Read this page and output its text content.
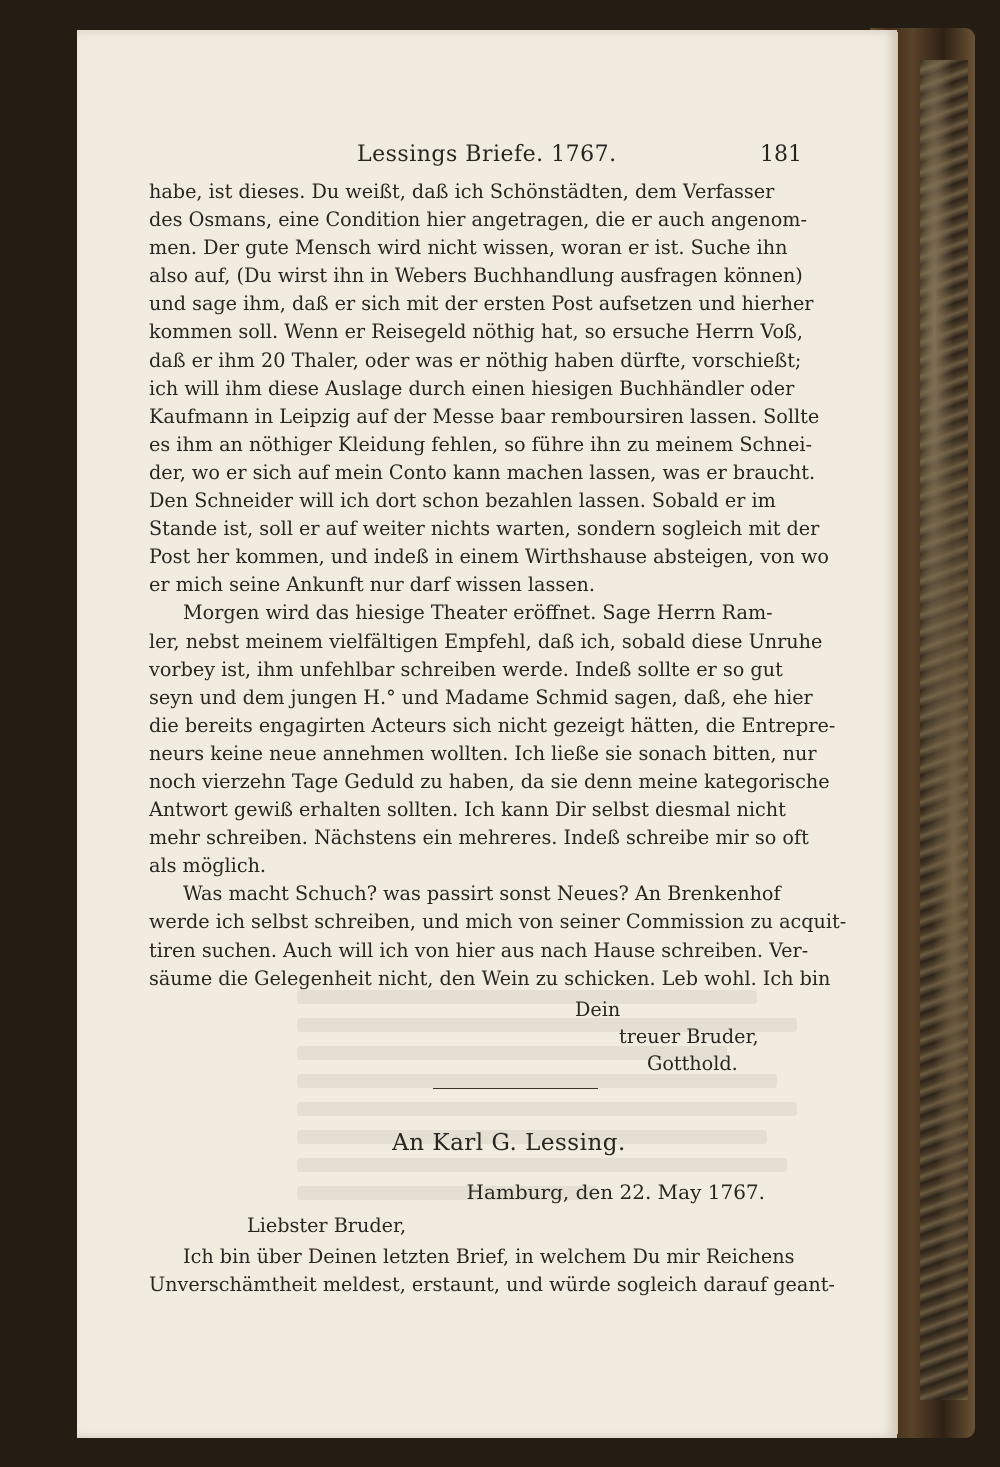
Lessings Briefe. 1767.	181
habe, ist dieses. Du weißt, daß ich Schönstädten, dem Verfasser
des Osmans, eine Condition hier angetragen, die er auch angenom-
men. Der gute Mensch wird nicht wissen, woran er ist. Suche ihn
also auf, (Du wirst ihn in Webers Buchhandlung ausfragen können)
und sage ihm, daß er sich mit der ersten Post aufsetzen und hierher
kommen soll. Wenn er Reisegeld nöthig hat, so ersuche Herrn Voß,
daß er ihm 20 Thaler, oder was er nöthig haben dürfte, vorschießt;
ich will ihm diese Auslage durch einen hiesigen Buchhändler oder
Kaufmann in Leipzig auf der Messe baar remboursiren lassen. Sollte
es ihm an nöthiger Kleidung fehlen, so führe ihn zu meinem Schnei-
der, wo er sich auf mein Conto kann machen lassen, was er braucht.
Den Schneider will ich dort schon bezahlen lassen. Sobald er im
Stande ist, soll er auf weiter nichts warten, sondern sogleich mit der
Post her kommen, und indeß in einem Wirthshause absteigen, von wo
er mich seine Ankunft nur darf wissen lassen.
Morgen wird das hiesige Theater eröffnet. Sage Herrn Ram-
ler, nebst meinem vielfältigen Empfehl, daß ich, sobald diese Unruhe
vorbey ist, ihm unfehlbar schreiben werde. Indeß sollte er so gut
seyn und dem jungen H.° und Madame Schmid sagen, daß, ehe hier
die bereits engagirten Acteurs sich nicht gezeigt hätten, die Entrepre-
neurs keine neue annehmen wollten. Ich ließe sie sonach bitten, nur
noch vierzehn Tage Geduld zu haben, da sie denn meine kategorische
Antwort gewiß erhalten sollten. Ich kann Dir selbst diesmal nicht
mehr schreiben. Nächstens ein mehreres. Indeß schreibe mir so oft
als möglich.
Was macht Schuch? was passirt sonst Neues? An Brenkenhof
werde ich selbst schreiben, und mich von seiner Commission zu acquit-
tiren suchen. Auch will ich von hier aus nach Hause schreiben. Ver-
säume die Gelegenheit nicht, den Wein zu schicken. Leb wohl. Ich bin
Dein
treuer Bruder,
Gotthold.
An Karl G. Lessing.
Hamburg, den 22. May 1767.
Liebster Bruder,
Ich bin über Deinen letzten Brief, in welchem Du mir Reichens
Unverschämtheit meldest, erstaunt, und würde sogleich darauf geant-
